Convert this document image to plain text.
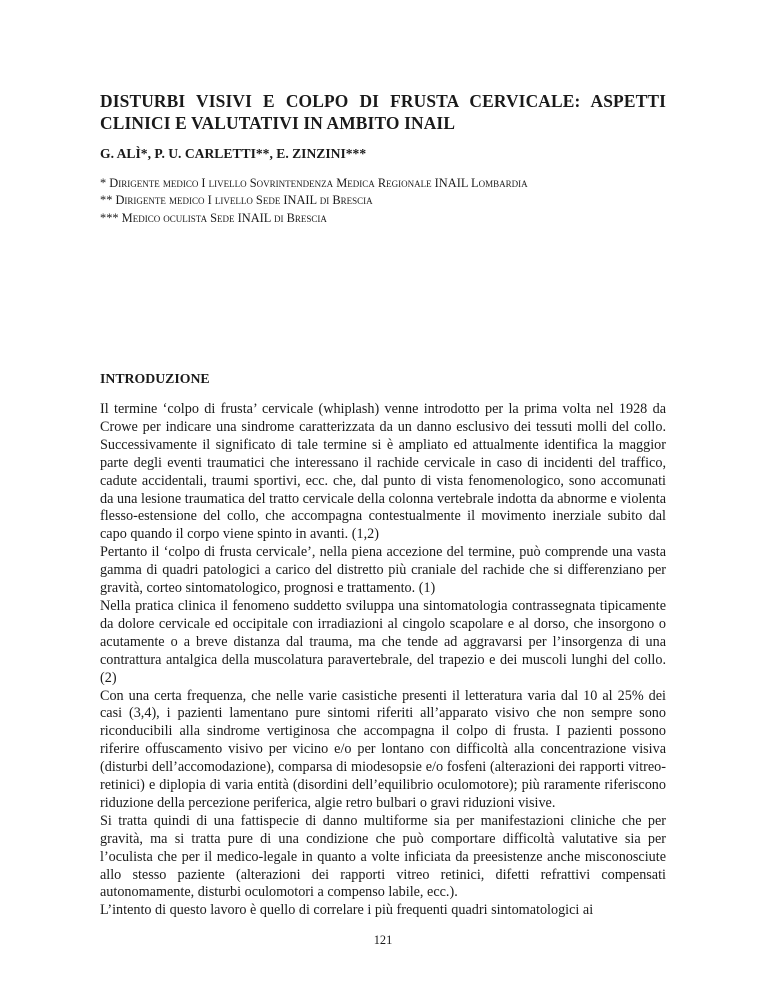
DISTURBI VISIVI E COLPO DI FRUSTA CERVICALE: ASPETTI CLINICI E VALUTATIVI IN AMBITO INAIL

G. ALÌ*, P. U. CARLETTI**, E. ZINZINI***

* Dirigente medico I livello Sovrintendenza Medica Regionale INAIL Lombardia
** Dirigente medico I livello Sede INAIL di Brescia
*** Medico oculista Sede INAIL di Brescia
INTRODUZIONE

Il termine ‘colpo di frusta’ cervicale (whiplash) venne introdotto per la prima volta nel 1928 da Crowe per indicare una sindrome caratterizzata da un danno esclusivo dei tessuti molli del collo. Successivamente il significato di tale termine si è ampliato ed attualmente identifica la maggior parte degli eventi traumatici che interessano il rachide cervicale in caso di incidenti del traffico, cadute accidentali, traumi sportivi, ecc. che, dal punto di vista fenomenologico, sono accomunati da una lesione traumatica del tratto cervicale della colonna vertebrale indotta da abnorme e violenta flesso-estensione del collo, che accompagna contestualmente il movimento inerziale subito dal capo quando il corpo viene spinto in avanti. (1,2)

Pertanto il ‘colpo di frusta cervicale’, nella piena accezione del termine, può comprende una vasta gamma di quadri patologici a carico del distretto più craniale del rachide che si differenziano per gravità, corteo sintomatologico, prognosi e trattamento. (1)

Nella pratica clinica il fenomeno suddetto sviluppa una sintomatologia contrassegnata tipicamente da dolore cervicale ed occipitale con irradiazioni al cingolo scapolare e al dorso, che insorgono o acutamente o a breve distanza dal trauma, ma che tende ad aggravarsi per l’insorgenza di una contrattura antalgica della muscolatura paravertebrale, del trapezio e dei muscoli lunghi del collo. (2)

Con una certa frequenza, che nelle varie casistiche presenti il letteratura varia dal 10 al 25% dei casi (3,4), i pazienti lamentano pure sintomi riferiti all’apparato visivo che non sempre sono riconducibili alla sindrome vertiginosa che accompagna il colpo di frusta. I pazienti possono riferire offuscamento visivo per vicino e/o per lontano con difficoltà alla concentrazione visiva (disturbi dell’accomodazione), comparsa di miodesopsie e/o fosfeni (alterazioni dei rapporti vitreo-retinici) e diplopia di varia entità (disordini dell’equilibrio oculomotore); più raramente riferiscono riduzione della percezione periferica, algie retro bulbari o gravi riduzioni visive.

Si tratta quindi di una fattispecie di danno multiforme sia per manifestazioni cliniche che per gravità, ma si tratta pure di una condizione che può comportare difficoltà valutative sia per l’oculista che per il medico-legale in quanto a volte inficiata da preesistenze anche misconosciute allo stesso paziente (alterazioni dei rapporti vitreo retinici, difetti refrattivi compensati autonomamente, disturbi oculomotori a compenso labile, ecc.).

L’intento di questo lavoro è quello di correlare i più frequenti quadri sintomatologici ai

121
